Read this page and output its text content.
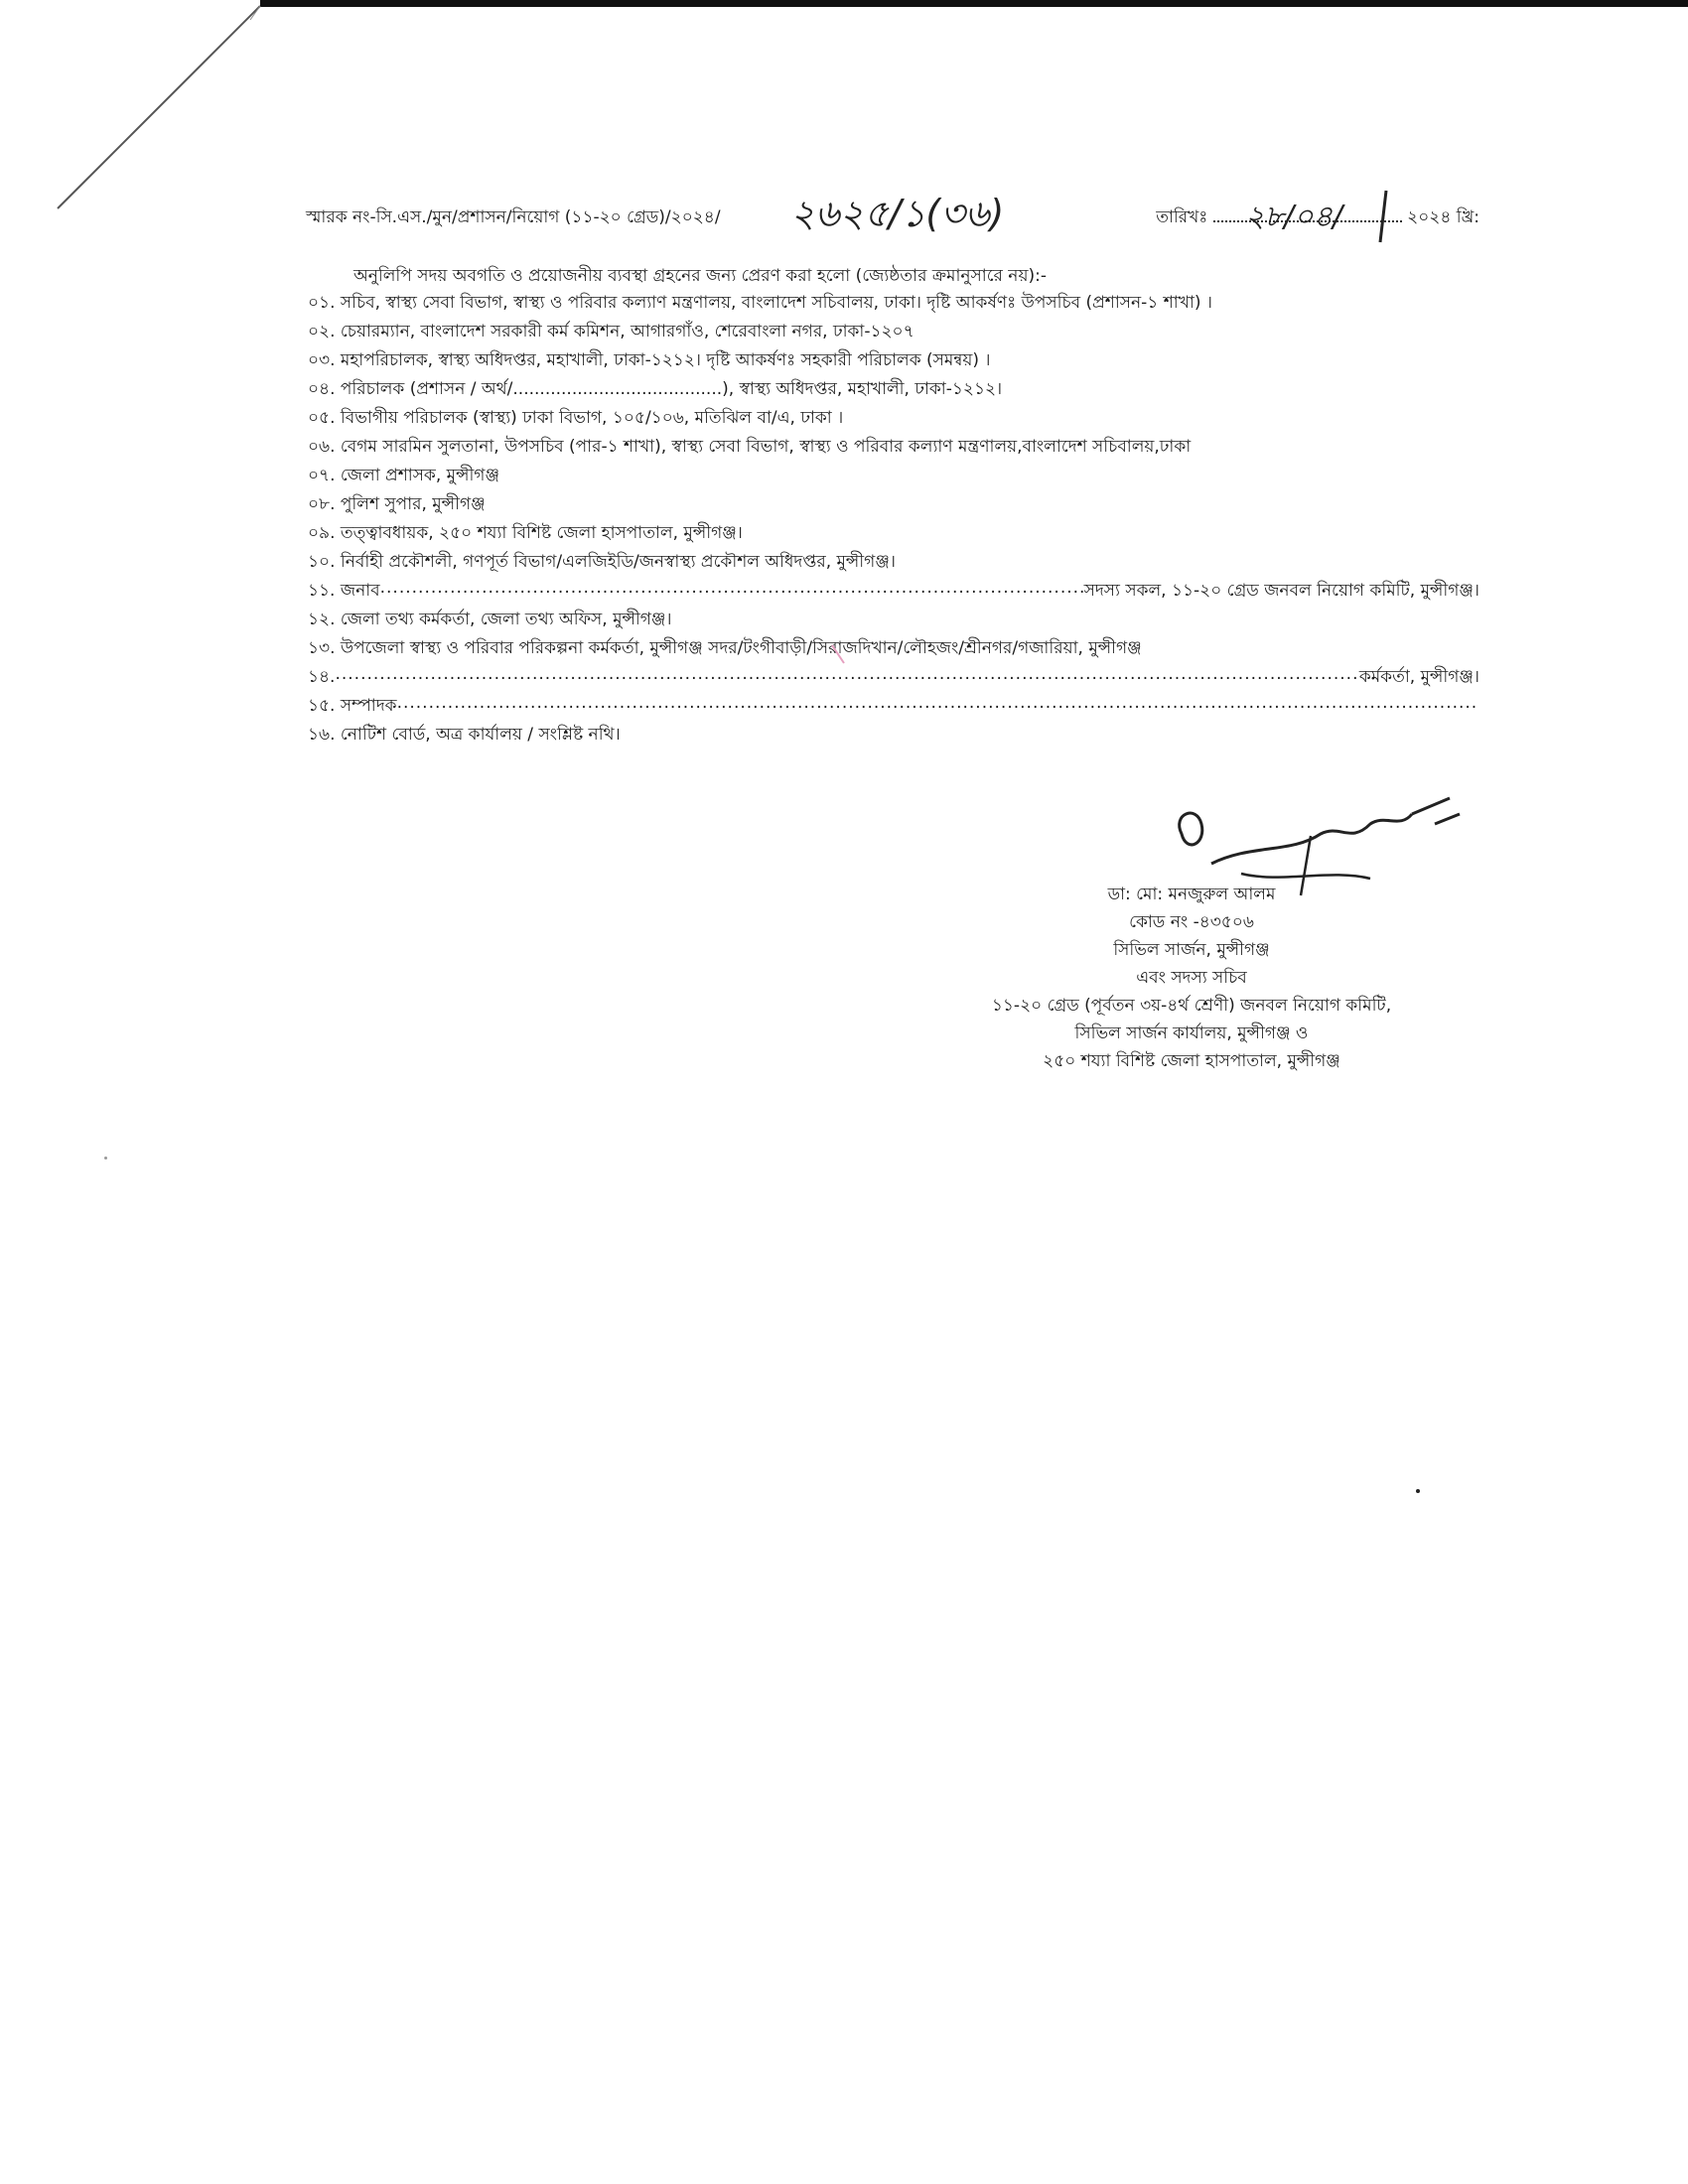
স্মারক নং-সি.এস./মুন/প্রশাসন/নিয়োগ (১১-২০ গ্রেড)/২০২৪/ ২৬২৫/১(৩৬)	তারিখঃ	২০২৪ খ্রি:
২৮/০৪/
অনুলিপি সদয় অবগতি ও প্রয়োজনীয় ব্যবস্থা গ্রহনের জন্য প্রেরণ করা হলো (জ্যেষ্ঠতার ক্রমানুসারে নয়):-
০১. সচিব, স্বাস্থ্য সেবা বিভাগ, স্বাস্থ্য ও পরিবার কল্যাণ মন্ত্রণালয়, বাংলাদেশ সচিবালয়, ঢাকা। দৃষ্টি আকর্ষণঃ উপসচিব (প্রশাসন-১ শাখা) ।
০২. চেয়ারম্যান, বাংলাদেশ সরকারী কর্ম কমিশন, আগারগাঁও, শেরেবাংলা নগর, ঢাকা-১২০৭
০৩. মহাপরিচালক, স্বাস্থ্য অধিদপ্তর, মহাখালী, ঢাকা-১২১২। দৃষ্টি আকর্ষণঃ সহকারী পরিচালক (সমন্বয়) ।
০৪. পরিচালক (প্রশাসন / অর্থ/.......................................), স্বাস্থ্য অধিদপ্তর, মহাখালী, ঢাকা-১২১২।
০৫. বিভাগীয় পরিচালক (স্বাস্থ্য) ঢাকা বিভাগ, ১০৫/১০৬, মতিঝিল বা/এ, ঢাকা ।
০৬. বেগম সারমিন সুলতানা, উপসচিব (পার-১ শাখা), স্বাস্থ্য সেবা বিভাগ, স্বাস্থ্য ও পরিবার কল্যাণ মন্ত্রণালয়,বাংলাদেশ সচিবালয়,ঢাকা
০৭. জেলা প্রশাসক, মুন্সীগঞ্জ
০৮. পুলিশ সুপার, মুন্সীগঞ্জ
০৯. তত্ত্বাবধায়ক, ২৫০ শয্যা বিশিষ্ট জেলা হাসপাতাল, মুন্সীগঞ্জ।
১০. নির্বাহী প্রকৌশলী, গণপূর্ত বিভাগ/এলজিইডি/জনস্বাস্থ্য প্রকৌশল অধিদপ্তর, মুন্সীগঞ্জ।
১১. জনাব .....	সদস্য সকল, ১১-২০ গ্রেড জনবল নিয়োগ কমিটি, মুন্সীগঞ্জ।
১২. জেলা তথ্য কর্মকর্তা, জেলা তথ্য অফিস, মুন্সীগঞ্জ।
১৩. উপজেলা স্বাস্থ্য ও পরিবার পরিকল্পনা কর্মকর্তা, মুন্সীগঞ্জ সদর/টংগীবাড়ী/সিরাজদিখান/লৌহজং/শ্রীনগর/গজারিয়া, মুন্সীগঞ্জ
১৪. .....	কর্মকর্তা, মুন্সীগঞ্জ।
১৫. সম্পাদক
.....
১৬. নোটিশ বোর্ড, অত্র কার্যালয় / সংশ্লিষ্ট নথি।
ডা: মো: মনজুরুল আলম
কোড নং -৪৩৫০৬
সিভিল সার্জন, মুন্সীগঞ্জ
এবং সদস্য সচিব
১১-২০ গ্রেড (পূর্বতন ৩য়-৪র্থ শ্রেণী) জনবল নিয়োগ কমিটি,
সিভিল সার্জন কার্যালয়, মুন্সীগঞ্জ ও
২৫০ শয্যা বিশিষ্ট জেলা হাসপাতাল, মুন্সীগঞ্জ
